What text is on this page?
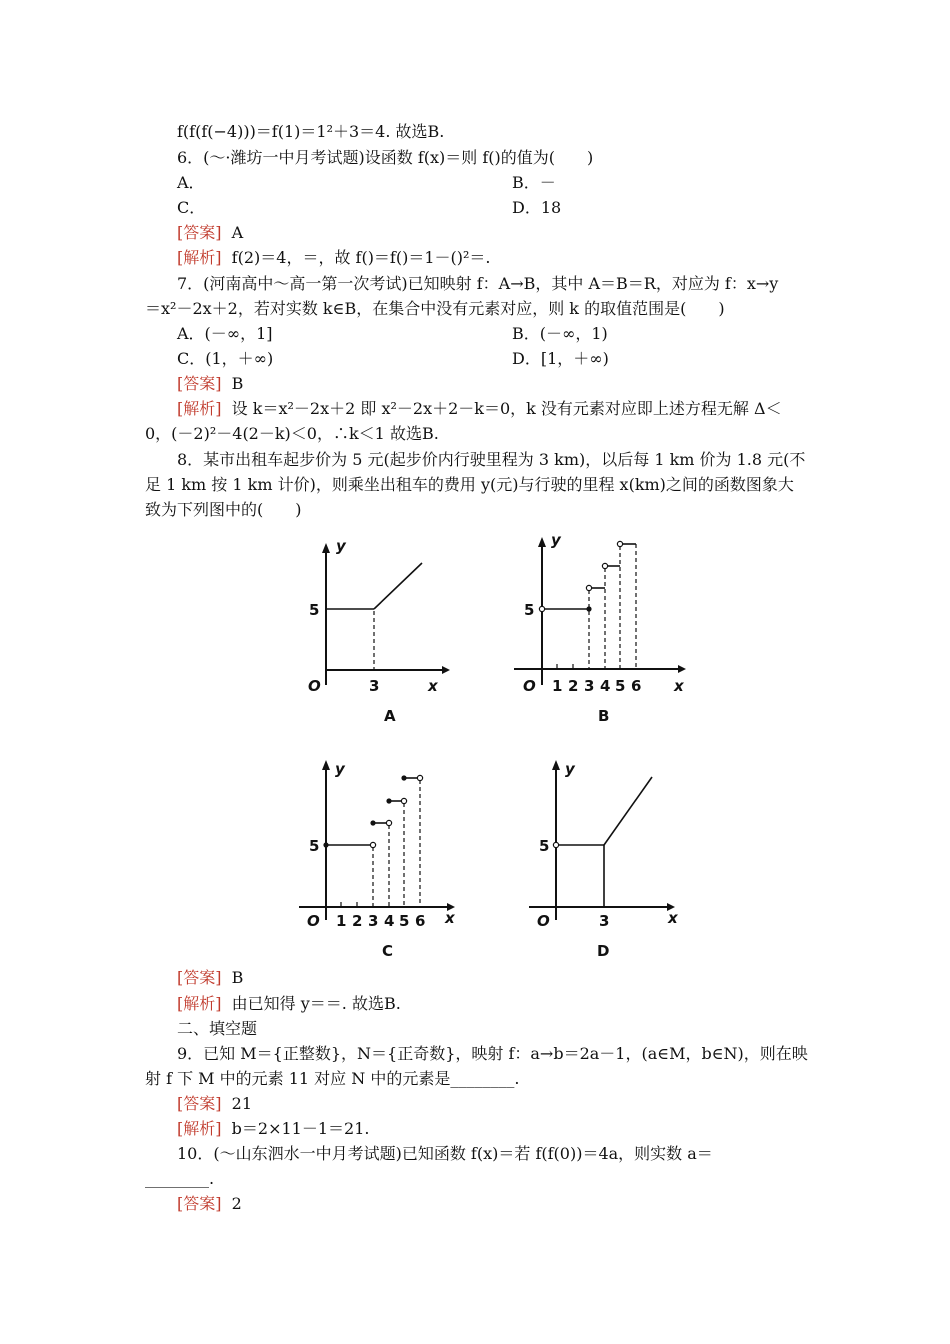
f(f(f(−4)))＝f(1)＝1²＋3＝4. 故选B.
6．(～·潍坊一中月考试题)设函数 f(x)＝则 f()的值为(　　)
A．	B．－
C．	D．18
[答案] A
[解析] f(2)＝4，＝，故 f()＝f()＝1－()²＝.
7．(河南高中～高一第一次考试)已知映射 f：A→B，其中 A＝B＝R，对应为 f：x→y
＝x²－2x＋2，若对实数 k∈B，在集合中没有元素对应，则 k 的取值范围是(　　)
A．(－∞，1]	B．(－∞，1)
C．(1，＋∞)	D．[1，＋∞)
[答案] B
[解析] 设 k＝x²－2x＋2 即 x²－2x＋2－k＝0，k 没有元素对应即上述方程无解 Δ＜
0，(－2)²－4(2－k)＜0，∴k＜1 故选B.
8．某市出租车起步价为 5 元(起步价内行驶里程为 3 km)，以后每 1 km 价为 1.8 元(不
足 1 km 按 1 km 计价)，则乘坐出租车的费用 y(元)与行驶的里程 x(km)之间的函数图象大
致为下列图中的(　　)
y
5
O	3	x
A
y
5
O 1 2 3 4 5 6 x
B
y
5
O 1 2 3 4 5 6 x
C
y
5
O	3	x
D
[答案] B
[解析] 由已知得 y＝＝. 故选B.
二、填空题
9．已知 M＝{正整数}，N＝{正奇数}，映射 f：a→b＝2a－1，(a∈M，b∈N)，则在映
射 f 下 M 中的元素 11 对应 N 中的元素是________.
[答案] 21
[解析] b＝2×11－1＝21.
10．(～山东泗水一中月考试题)已知函数 f(x)＝若 f(f(0))＝4a，则实数 a＝
________.
[答案] 2
